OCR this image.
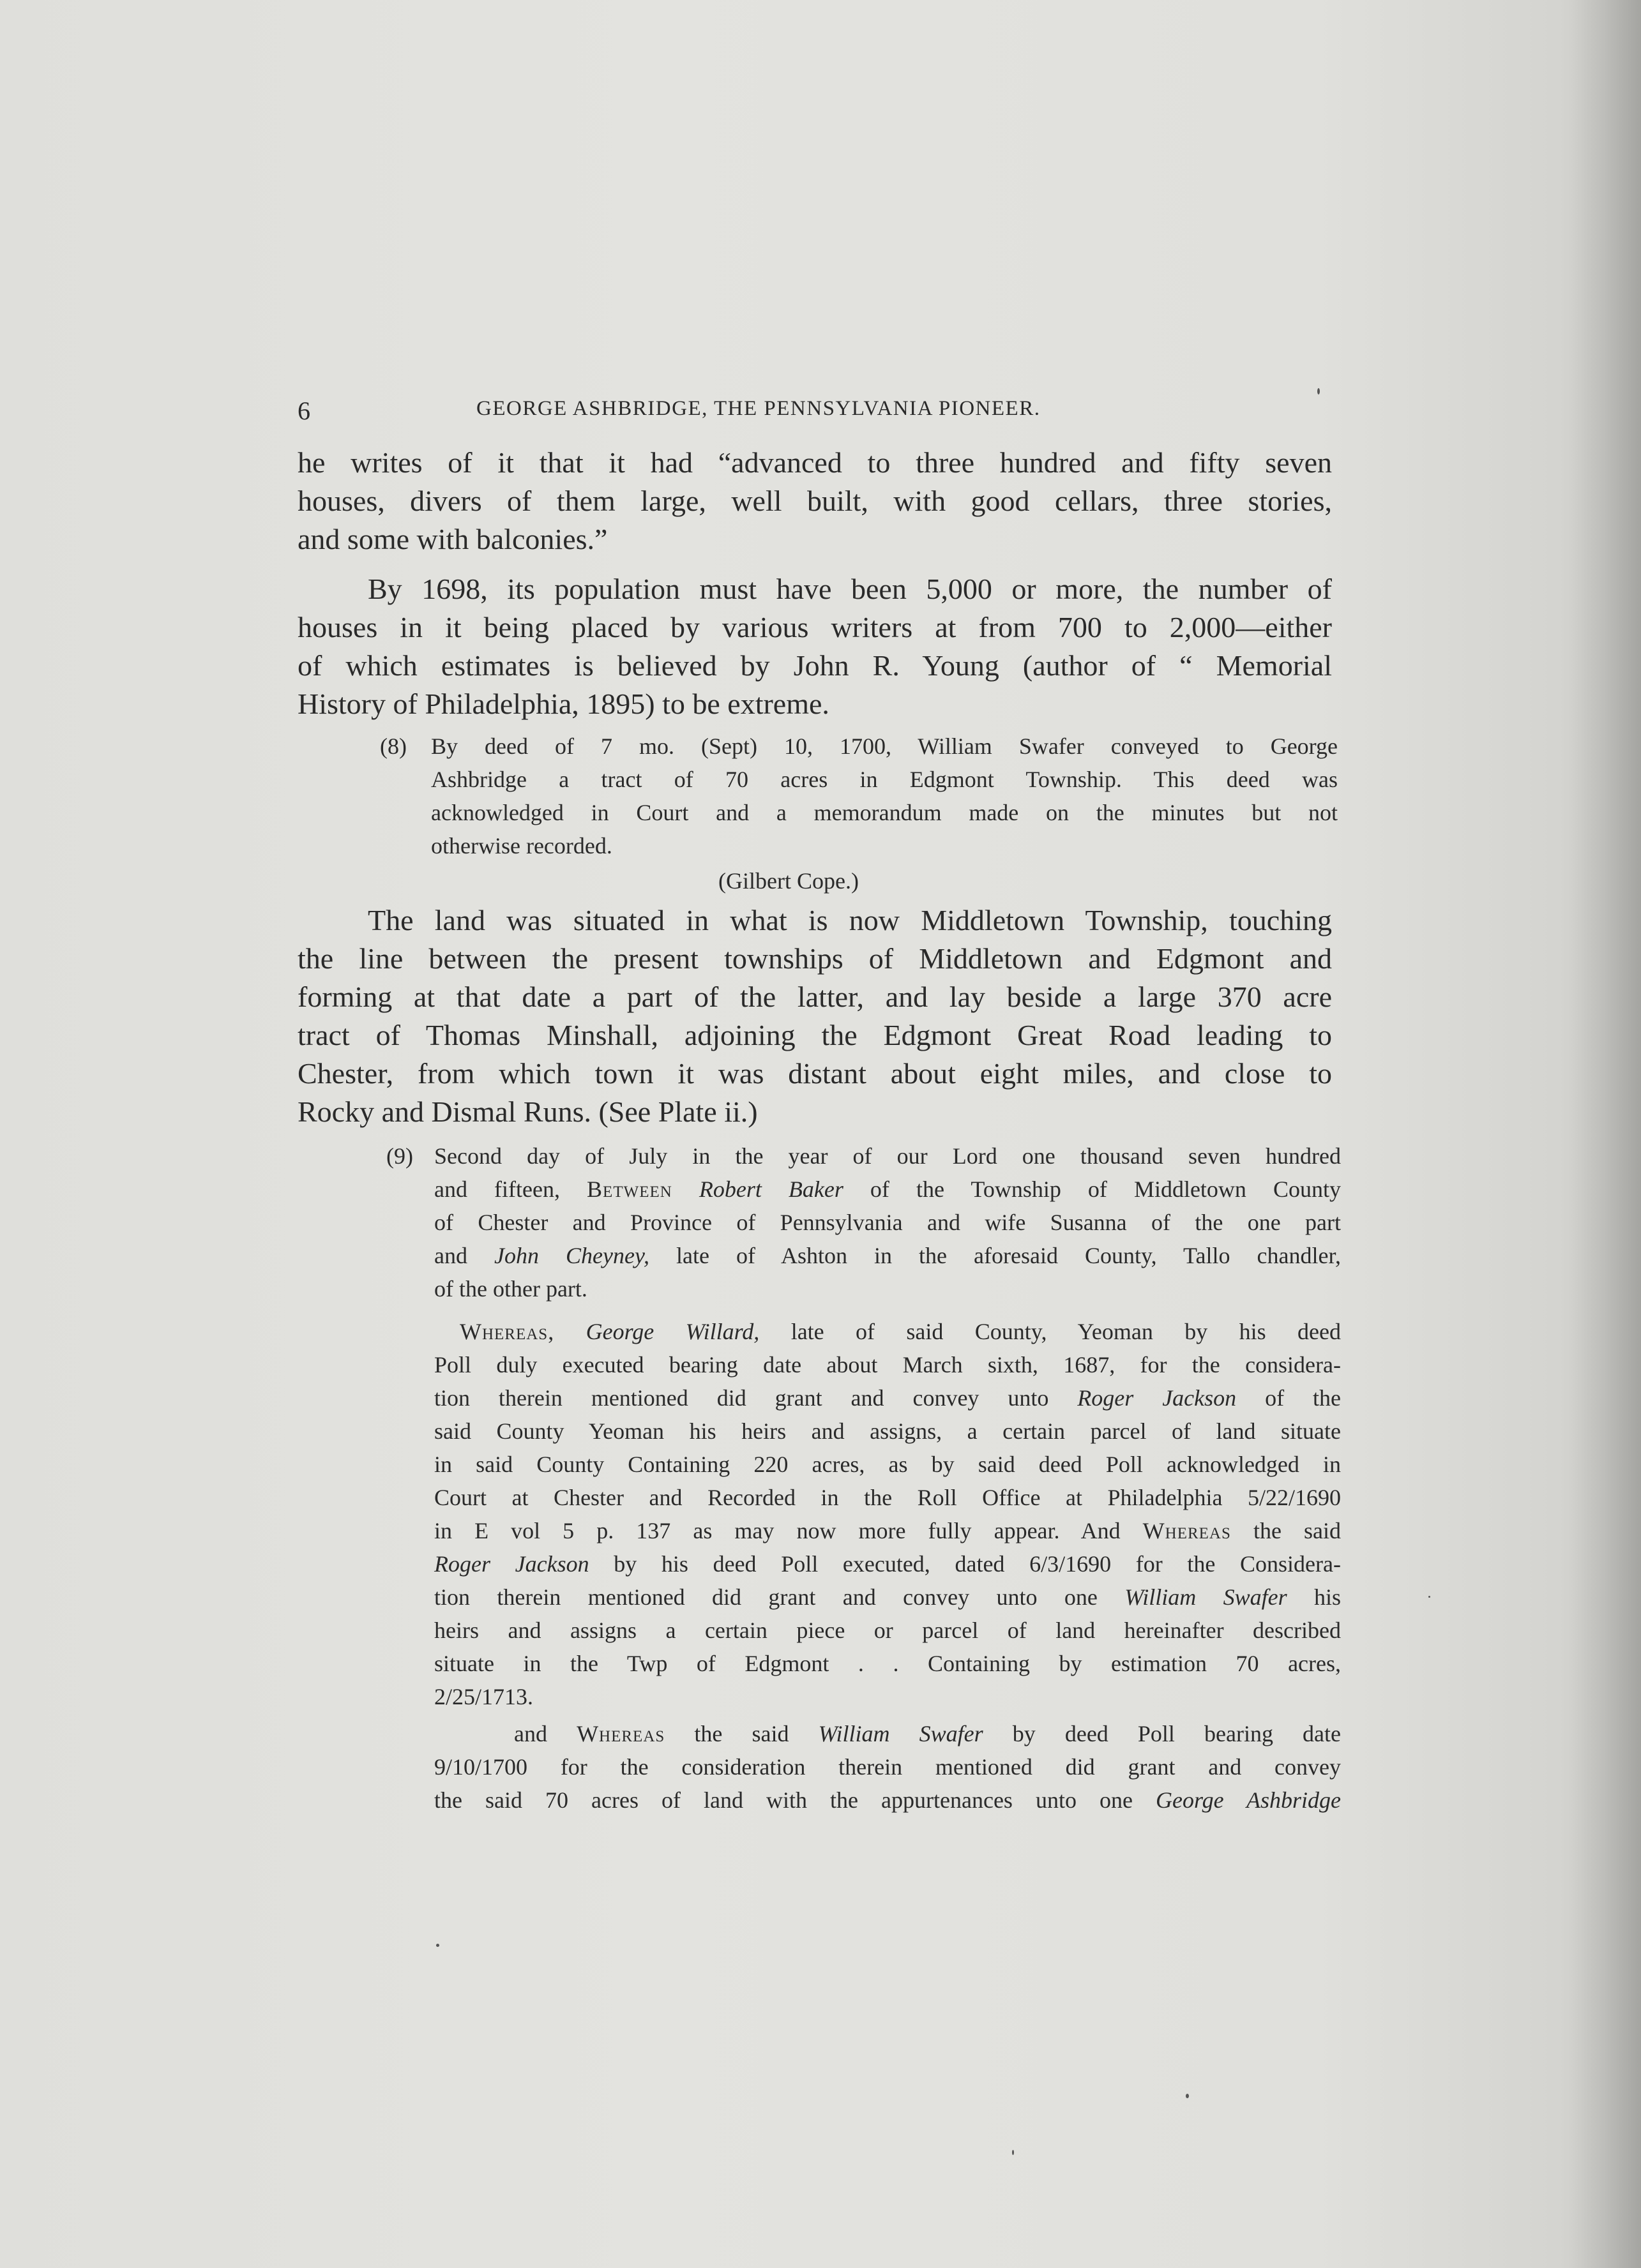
6	GEORGE ASHBRIDGE, THE PENNSYLVANIA PIONEER.
he writes of it that it had “advanced to three hundred and fifty seven
houses, divers of them large, well built, with good cellars, three stories,
and some with balconies.”
By 1698, its population must have been 5,000 or more, the number of
houses in it being placed by various writers at from 700 to 2,000—either
of which estimates is believed by John R. Young (author of “ Memorial
History of Philadelphia, 1895) to be extreme.
(8) By deed of 7 mo. (Sept) 10, 1700, William Swafer conveyed to George
Ashbridge a tract of 70 acres in Edgmont Township. This deed was
acknowledged in Court and a memorandum made on the minutes but not
otherwise recorded.
(Gilbert Cope.)
The land was situated in what is now Middletown Township, touching
the line between the present townships of Middletown and Edgmont and
forming at that date a part of the latter, and lay beside a large 370 acre
tract of Thomas Minshall, adjoining the Edgmont Great Road leading to
Chester, from which town it was distant about eight miles, and close to
Rocky and Dismal Runs. (See Plate ii.)
(9) Second day of July in the year of our Lord one thousand seven hundred
and fifteen, Between Robert Baker of the Township of Middletown County
of Chester and Province of Pennsylvania and wife Susanna of the one part
and John Cheyney, late of Ashton in the aforesaid County, Tallo chandler,
of the other part.
Whereas, George Willard, late of said County, Yeoman by his deed
Poll duly executed bearing date about March sixth, 1687, for the considera-
tion therein mentioned did grant and convey unto Roger Jackson of the
said County Yeoman his heirs and assigns, a certain parcel of land situate
in said County Containing 220 acres, as by said deed Poll acknowledged in
Court at Chester and Recorded in the Roll Office at Philadelphia 5/22/1690
in E vol 5 p. 137 as may now more fully appear. And Whereas the said
Roger Jackson by his deed Poll executed, dated 6/3/1690 for the Considera-
tion therein mentioned did grant and convey unto one William Swafer his
heirs and assigns a certain piece or parcel of land hereinafter described
situate in the Twp of Edgmont . . Containing by estimation 70 acres,
2/25/1713.
and Whereas the said William Swafer by deed Poll bearing date
9/10/1700 for the consideration therein mentioned did grant and convey
the said 70 acres of land with the appurtenances unto one George Ashbridge
